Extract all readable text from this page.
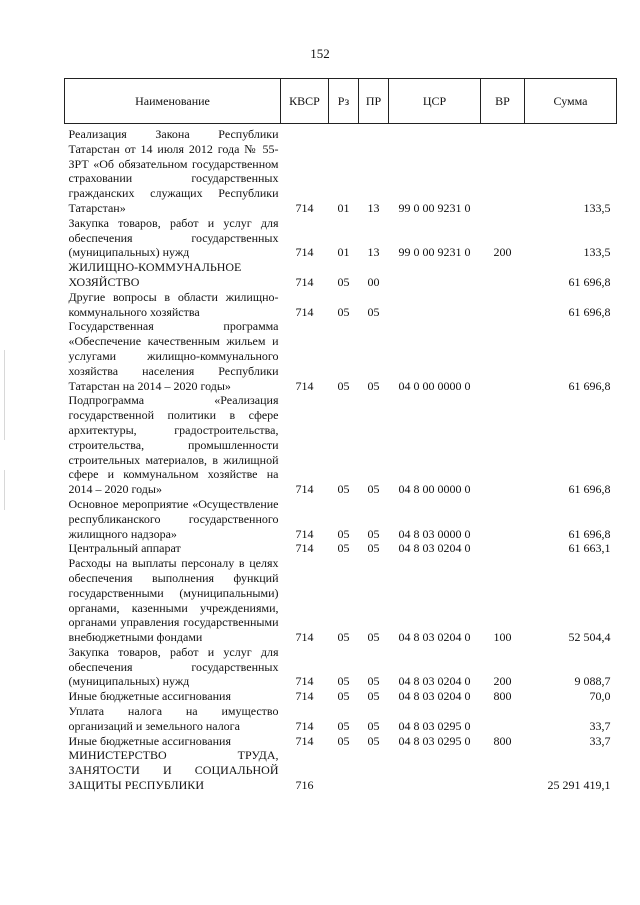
152
Наименование	КВСР	Рз	ПР	ЦСР	ВР	Сумма
Реализация Закона Республики Татарстан от 14 июля 2012 года № 55-ЗРТ «Об обязательном государственном страховании государственных гражданских служащих Республики Татарстан»	714	01	13	99 0 00 9231 0		133,5
Закупка товаров, работ и услуг для обеспечения государственных (муниципальных) нужд	714	01	13	99 0 00 9231 0	200	133,5
ЖИЛИЩНО-КОММУНАЛЬНОЕ ХОЗЯЙСТВО	714	05	00			61 696,8
Другие вопросы в области жилищно-коммунального хозяйства	714	05	05			61 696,8
Государственная программа «Обеспечение качественным жильем и услугами жилищно-коммунального хозяйства населения Республики Татарстан на 2014 – 2020 годы»	714	05	05	04 0 00 0000 0		61 696,8
Подпрограмма «Реализация государственной политики в сфере архитектуры, градостроительства, строительства, промышленности строительных материалов, в жилищной сфере и коммунальном хозяйстве на 2014 – 2020 годы»	714	05	05	04 8 00 0000 0		61 696,8
Основное мероприятие «Осуществление республиканского государственного жилищного надзора»	714	05	05	04 8 03 0000 0		61 696,8
Центральный аппарат	714	05	05	04 8 03 0204 0		61 663,1
Расходы на выплаты персоналу в целях обеспечения выполнения функций государственными (муниципальными) органами, казенными учреждениями, органами управления государственными внебюджетными фондами	714	05	05	04 8 03 0204 0	100	52 504,4
Закупка товаров, работ и услуг для обеспечения государственных (муниципальных) нужд	714	05	05	04 8 03 0204 0	200	9 088,7
Иные бюджетные ассигнования	714	05	05	04 8 03 0204 0	800	70,0
Уплата налога на имущество организаций и земельного налога	714	05	05	04 8 03 0295 0		33,7
Иные бюджетные ассигнования	714	05	05	04 8 03 0295 0	800	33,7
МИНИСТЕРСТВО ТРУДА, ЗАНЯТОСТИ И СОЦИАЛЬНОЙ ЗАЩИТЫ РЕСПУБЛИКИ	716					25 291 419,1
